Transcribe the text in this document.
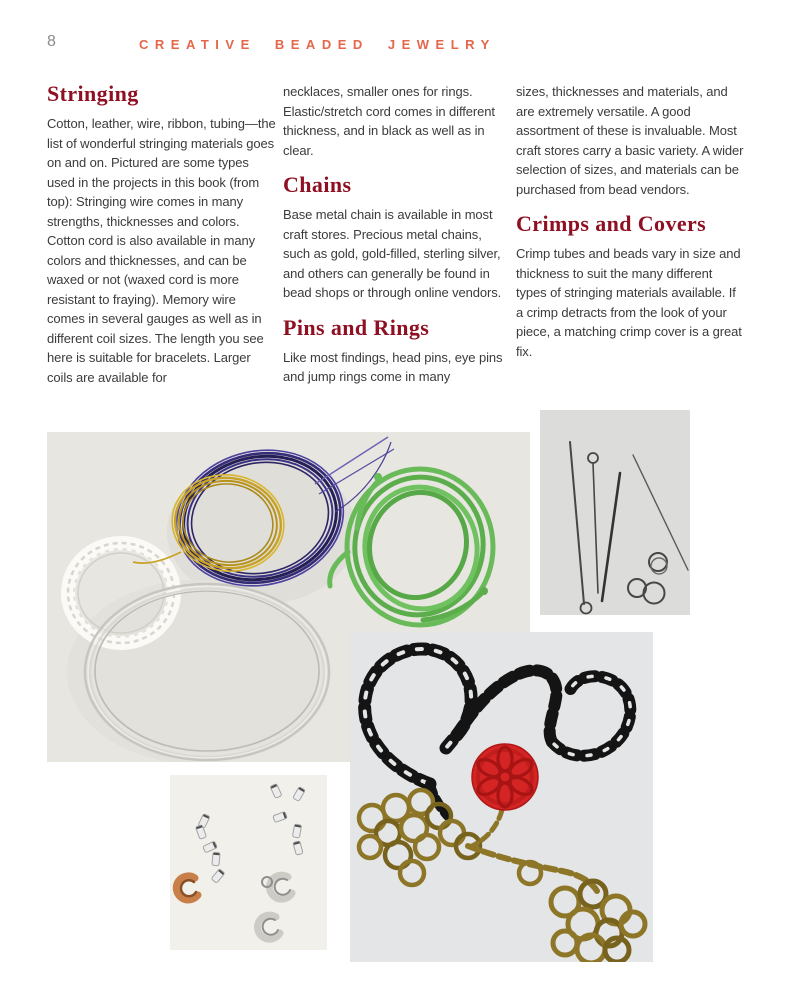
8	CREATIVE BEADED JEWELRY
Stringing

Cotton, leather, wire, ribbon, tubing—the list of wonderful stringing materials goes on and on. Pictured are some types used in the projects in this book (from top): Stringing wire comes in many strengths, thicknesses and colors. Cotton cord is also available in many colors and thicknesses, and can be waxed or not (waxed cord is more resistant to fraying). Memory wire comes in several gauges as well as in different coil sizes. The length you see here is suitable for bracelets. Larger coils are available for

necklaces, smaller ones for rings. Elastic/stretch cord comes in different thickness, and in black as well as in clear.

Chains

Base metal chain is available in most craft stores. Precious metal chains, such as gold, gold-filled, sterling silver, and others can generally be found in bead shops or through online vendors.

Pins and Rings

Like most findings, head pins, eye pins and jump rings come in many

sizes, thicknesses and materials, and are extremely versatile. A good assortment of these is invaluable. Most craft stores carry a basic variety. A wider selection of sizes, and materials can be purchased from bead vendors.

Crimps and Covers

Crimp tubes and beads vary in size and thickness to suit the many different types of stringing materials available. If a crimp detracts from the look of your piece, a matching crimp cover is a great fix.
